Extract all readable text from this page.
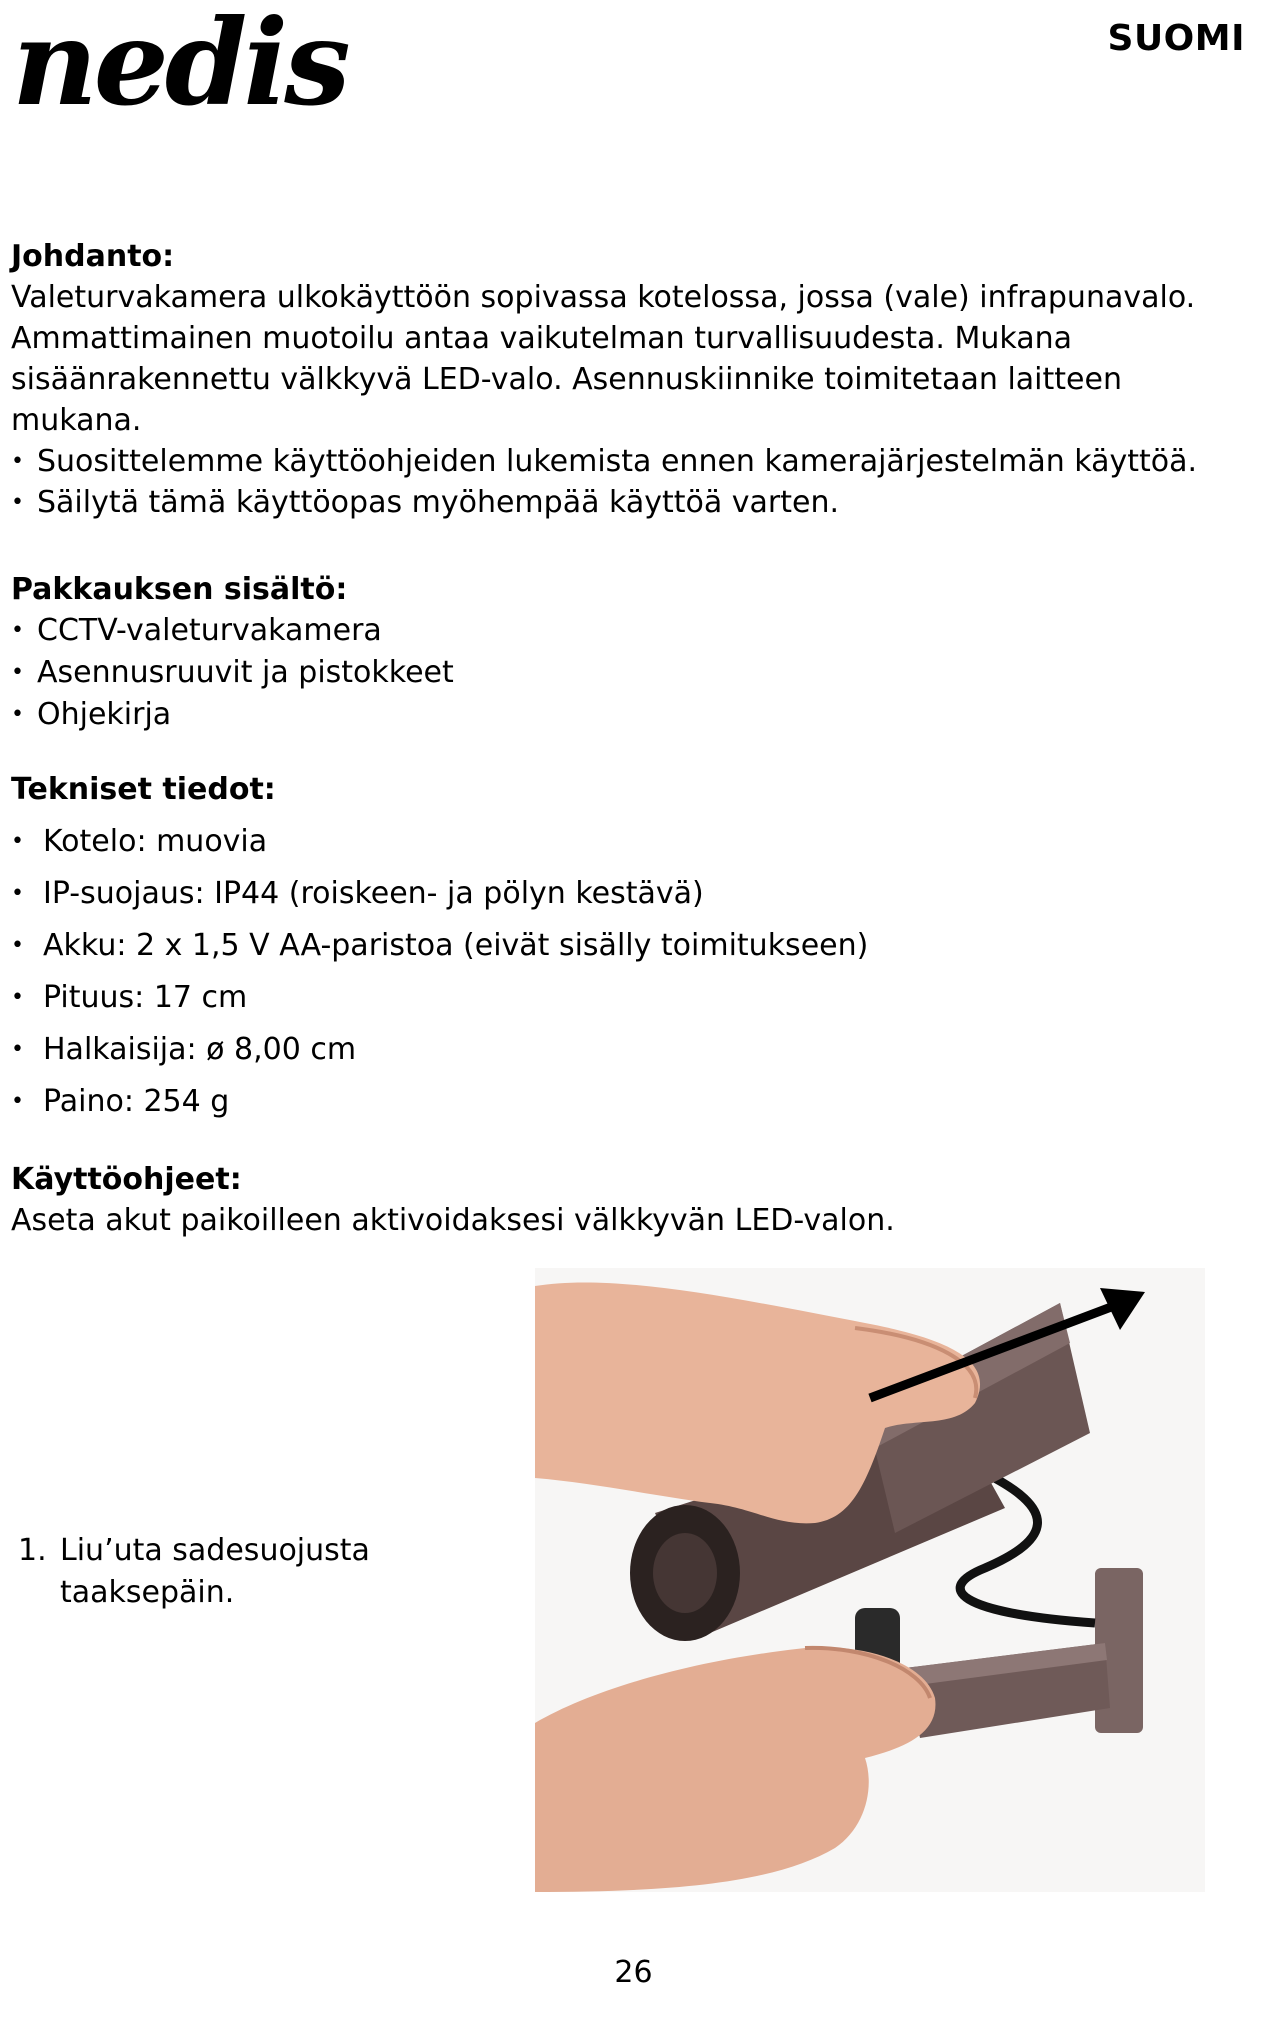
nedis	SUOMI
Johdanto:
Valeturvakamera ulkokäyttöön sopivassa kotelossa, jossa (vale) infrapunavalo.
Ammattimainen muotoilu antaa vaikutelman turvallisuudesta. Mukana
sisäänrakennettu välkkyvä LED-valo. Asennuskiinnike toimitetaan laitteen
mukana.
• Suosittelemme käyttöohjeiden lukemista ennen kamerajärjestelmän käyttöä.
• Säilytä tämä käyttöopas myöhempää käyttöä varten.
Pakkauksen sisältö:
• CCTV-valeturvakamera
• Asennusruuvit ja pistokkeet
• Ohjekirja
Tekniset tiedot:
• Kotelo: muovia
• IP-suojaus: IP44 (roiskeen- ja pölyn kestävä)
• Akku: 2 x 1,5 V AA-paristoa (eivät sisälly toimitukseen)
• Pituus: 17 cm
• Halkaisija: ø 8,00 cm
• Paino: 254 g
Käyttöohjeet:
Aseta akut paikoilleen aktivoidaksesi välkkyvän LED-valon.
1. Liu’uta sadesuojusta
taaksepäin.
26
